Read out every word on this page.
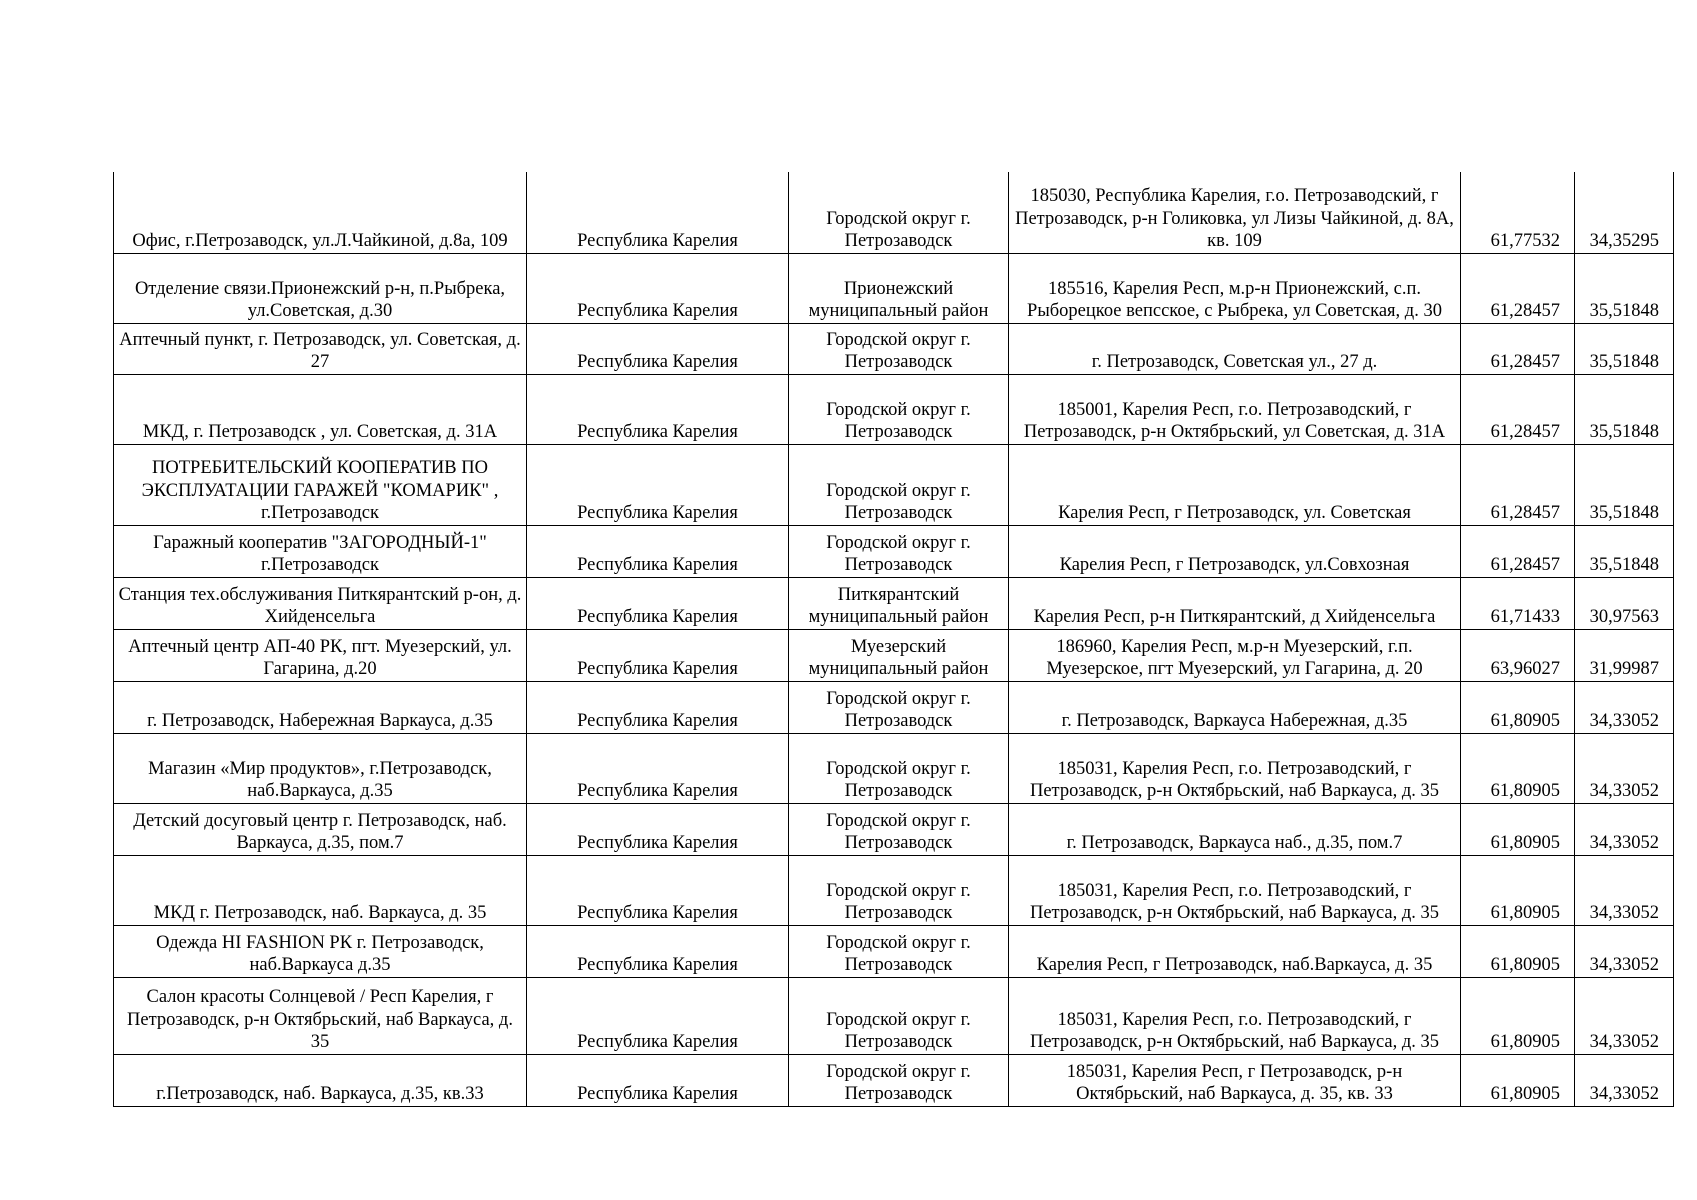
Офис, г.Петрозаводск, ул.Л.Чайкиной, д.8а, 109	Республика Карелия	Городской округ г. Петрозаводск	185030, Республика Карелия, г.о. Петрозаводский, г Петрозаводск, р-н Голиковка, ул Лизы Чайкиной, д. 8А, кв. 109	61,77532	34,35295
Отделение связи.Прионежский р-н, п.Рыбрека, ул.Советская, д.30	Республика Карелия	Прионежский муниципальный район	185516, Карелия Респ, м.р-н Прионежский, с.п. Рыборецкое вепсское, с Рыбрека, ул Советская, д. 30	61,28457	35,51848
Аптечный пункт, г. Петрозаводск, ул. Советская, д. 27	Республика Карелия	Городской округ г. Петрозаводск	г. Петрозаводск, Советская ул., 27 д.	61,28457	35,51848
МКД, г. Петрозаводск , ул. Советская, д. 31А	Республика Карелия	Городской округ г. Петрозаводск	185001, Карелия Респ, г.о. Петрозаводский, г Петрозаводск, р-н Октябрьский, ул Советская, д. 31А	61,28457	35,51848
ПОТРЕБИТЕЛЬСКИЙ КООПЕРАТИВ ПО ЭКСПЛУАТАЦИИ ГАРАЖЕЙ "КОМАРИК" , г.Петрозаводск	Республика Карелия	Городской округ г. Петрозаводск	Карелия Респ, г Петрозаводск, ул. Советская	61,28457	35,51848
Гаражный кооператив "ЗАГОРОДНЫЙ-1" г.Петрозаводск	Республика Карелия	Городской округ г. Петрозаводск	Карелия Респ, г Петрозаводск, ул.Совхозная	61,28457	35,51848
Станция тех.обслуживания Питкярантский р-он, д. Хийденсельга	Республика Карелия	Питкярантский муниципальный район	Карелия Респ, р-н Питкярантский, д Хийденсельга	61,71433	30,97563
Аптечный центр АП-40 РК, пгт. Муезерский, ул. Гагарина, д.20	Республика Карелия	Муезерский муниципальный район	186960, Карелия Респ, м.р-н Муезерский, г.п. Муезерское, пгт Муезерский, ул Гагарина, д. 20	63,96027	31,99987
г. Петрозаводск, Набережная Варкауса, д.35	Республика Карелия	Городской округ г. Петрозаводск	г. Петрозаводск, Варкауса Набережная, д.35	61,80905	34,33052
Магазин «Мир продуктов», г.Петрозаводск, наб.Варкауса, д.35	Республика Карелия	Городской округ г. Петрозаводск	185031, Карелия Респ, г.о. Петрозаводский, г Петрозаводск, р-н Октябрьский, наб Варкауса, д. 35	61,80905	34,33052
Детский досуговый центр г. Петрозаводск, наб. Варкауса, д.35, пом.7	Республика Карелия	Городской округ г. Петрозаводск	г. Петрозаводск, Варкауса наб., д.35, пом.7	61,80905	34,33052
МКД г. Петрозаводск, наб. Варкауса, д. 35	Республика Карелия	Городской округ г. Петрозаводск	185031, Карелия Респ, г.о. Петрозаводский, г Петрозаводск, р-н Октябрьский, наб Варкауса, д. 35	61,80905	34,33052
Одежда HI FASHION РК г. Петрозаводск, наб.Варкауса д.35	Республика Карелия	Городской округ г. Петрозаводск	Карелия Респ, г Петрозаводск, наб.Варкауса, д. 35	61,80905	34,33052
Салон красоты Солнцевой / Респ Карелия, г Петрозаводск, р-н Октябрьский, наб Варкауса, д. 35	Республика Карелия	Городской округ г. Петрозаводск	185031, Карелия Респ, г.о. Петрозаводский, г Петрозаводск, р-н Октябрьский, наб Варкауса, д. 35	61,80905	34,33052
г.Петрозаводск, наб. Варкауса, д.35, кв.33	Республика Карелия	Городской округ г. Петрозаводск	185031, Карелия Респ, г Петрозаводск, р-н Октябрьский, наб Варкауса, д. 35, кв. 33	61,80905	34,33052
